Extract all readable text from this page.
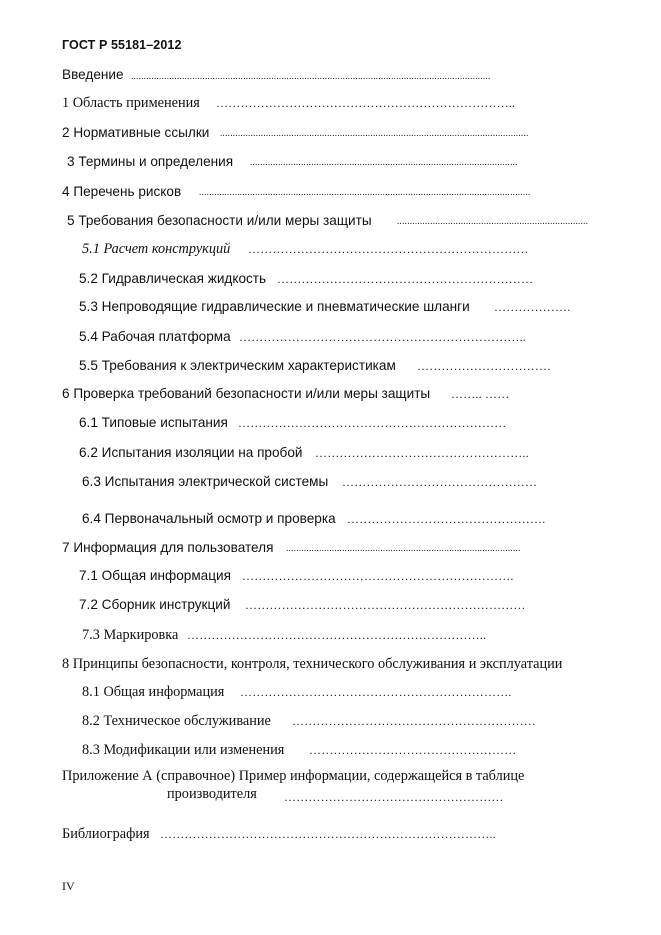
ГОСТ Р 55181–2012
Введение .............................................................................................................................................
1 Область применения ………………………………………………………………..
2 Нормативные ссылки .........................................................................................................................
3 Термины и определения .........................................................................................................
4 Перечень рисков ..................................................................................................................................
5 Требования безопасности и/или меры защиты	...........................................................................
5.1 Расчет конструкций ……………………………………………………………
5.2 Гидравлическая жидкость ………………………………………………………
5.3 Непроводящие гидравлические и пневматические шланги ……………….
5.4 Рабочая платформа ……………………………………………………………..
5.5 Требования к электрическим характеристикам ……………………………
6 Проверка требований безопасности и/или меры защиты …….. ……
6.1 Типовые испытания …………………………………………………………
6.2 Испытания изоляции на пробой ……………………………………………..
6.3 Испытания электрической системы …………………………………………
6.4 Первоначальный осмотр и проверка ………………………………………….
7 Информация для пользователя ............................................................................................
7.1 Общая информация ………………………………………………………….
7.2 Сборник инструкций ……………………………………………………………
7.3 Маркировка ………………………………………………………………..
8 Принципы безопасности, контроля, технического обслуживания и эксплуатации
8.1 Общая информация ………………………………………………………….
8.2 Техническое обслуживание ……………………………………………………
8.3 Модификации или изменения ……………………………………………
Приложение А (справочное) Пример информации, содержащейся в таблице
производителя ………………………………………………
Библиография ………………………………………………………………………..
IV
